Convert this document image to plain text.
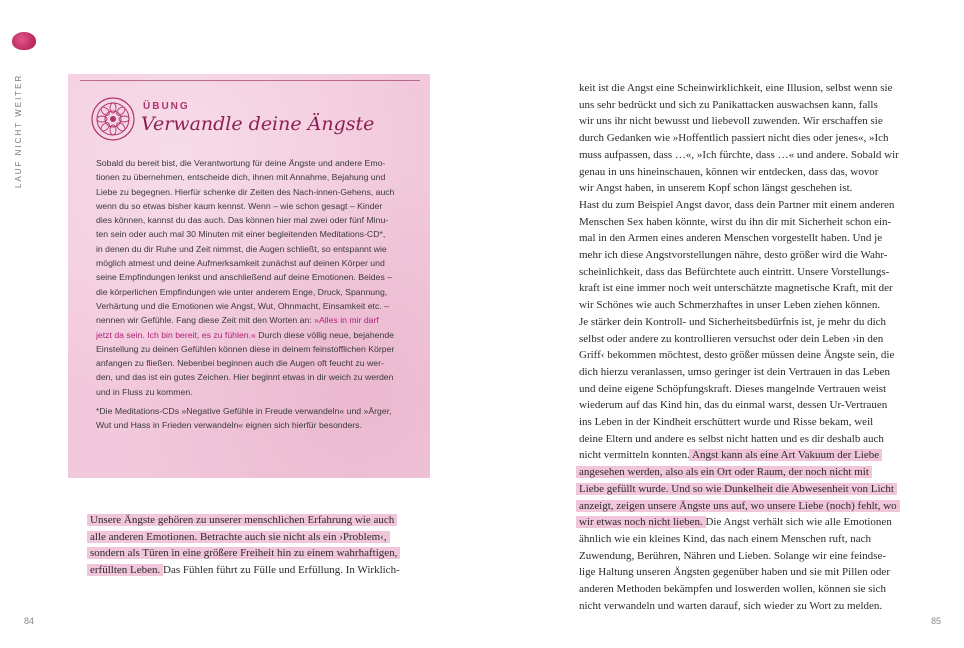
LAUF NICHT WEITER	ÜBUNG
Verwandle deine Ängste
Sobald du bereit bist, die Verantwortung für deine Ängste und andere Emo-
tionen zu übernehmen, entscheide dich, ihnen mit Annahme, Bejahung und
Liebe zu begegnen. Hierfür schenke dir Zeiten des Nach-innen-Gehens, auch
wenn du so etwas bisher kaum kennst. Wenn – wie schon gesagt – Kinder
dies können, kannst du das auch. Das können hier mal zwei oder fünf Minu-
ten sein oder auch mal 30 Minuten mit einer begleitenden Meditations-CD*,
in denen du dir Ruhe und Zeit nimmst, die Augen schließt, so entspannt wie
möglich atmest und deine Aufmerksamkeit zunächst auf deinen Körper und
seine Empfindungen lenkst und anschließend auf deine Emotionen. Beides –
die körperlichen Empfindungen wie unter anderem Enge, Druck, Spannung,
Verhärtung und die Emotionen wie Angst, Wut, Ohnmacht, Einsamkeit etc. –
nennen wir Gefühle. Fang diese Zeit mit den Worten an: »Alles in mir darf
jetzt da sein. Ich bin bereit, es zu fühlen.« Durch diese völlig neue, bejahende
Einstellung zu deinen Gefühlen können diese in deinem feinstofflichen Körper
anfangen zu fließen. Nebenbei beginnen auch die Augen oft feucht zu wer-
den, und das ist ein gutes Zeichen. Hier beginnt etwas in dir weich zu werden
und in Fluss zu kommen.
*Die Meditations-CDs »Negative Gefühle in Freude verwandeln« und »Ärger,
Wut und Hass in Frieden verwandeln« eignen sich hierfür besonders.
Unsere Ängste gehören zu unserer menschlichen Erfahrung wie auch
alle anderen Emotionen. Betrachte auch sie nicht als ein ›Problem‹,
sondern als Türen in eine größere Freiheit hin zu einem wahrhaftigen,
erfüllten Leben. Das Fühlen führt zu Fülle und Erfüllung. In Wirklich-
84
keit ist die Angst eine Scheinwirklichkeit, eine Illusion, selbst wenn sie
uns sehr bedrückt und sich zu Panikattacken auswachsen kann, falls
wir uns ihr nicht bewusst und liebevoll zuwenden. Wir erschaffen sie
durch Gedanken wie »Hoffentlich passiert nicht dies oder jenes«, »Ich
muss aufpassen, dass …«, »Ich fürchte, dass …« und andere. Sobald wir
genau in uns hineinschauen, können wir entdecken, dass das, wovor
wir Angst haben, in unserem Kopf schon längst geschehen ist.
Hast du zum Beispiel Angst davor, dass dein Partner mit einem anderen
Menschen Sex haben könnte, wirst du ihn dir mit Sicherheit schon ein-
mal in den Armen eines anderen Menschen vorgestellt haben. Und je
mehr ich diese Angstvorstellungen nähre, desto größer wird die Wahr-
scheinlichkeit, dass das Befürchtete auch eintritt. Unsere Vorstellungs-
kraft ist eine immer noch weit unterschätzte magnetische Kraft, mit der
wir Schönes wie auch Schmerzhaftes in unser Leben ziehen können.
Je stärker dein Kontroll- und Sicherheitsbedürfnis ist, je mehr du dich
selbst oder andere zu kontrollieren versuchst oder dein Leben ›in den
Griff‹ bekommen möchtest, desto größer müssen deine Ängste sein, die
dich hierzu veranlassen, umso geringer ist dein Vertrauen in das Leben
und deine eigene Schöpfungskraft. Dieses mangelnde Vertrauen weist
wiederum auf das Kind hin, das du einmal warst, dessen Ur-Vertrauen
ins Leben in der Kindheit erschüttert wurde und Risse bekam, weil
deine Eltern und andere es selbst nicht hatten und es dir deshalb auch
nicht vermitteln konnten. Angst kann als eine Art Vakuum der Liebe
angesehen werden, also als ein Ort oder Raum, der noch nicht mit
Liebe gefüllt wurde. Und so wie Dunkelheit die Abwesenheit von Licht
anzeigt, zeigen unsere Ängste uns auf, wo unsere Liebe (noch) fehlt, wo
wir etwas noch nicht lieben. Die Angst verhält sich wie alle Emotionen
ähnlich wie ein kleines Kind, das nach einem Menschen ruft, nach
Zuwendung, Berühren, Nähren und Lieben. Solange wir eine feindse-
lige Haltung unseren Ängsten gegenüber haben und sie mit Pillen oder
anderen Methoden bekämpfen und loswerden wollen, können sie sich
nicht verwandeln und warten darauf, sich wieder zu Wort zu melden.
85
